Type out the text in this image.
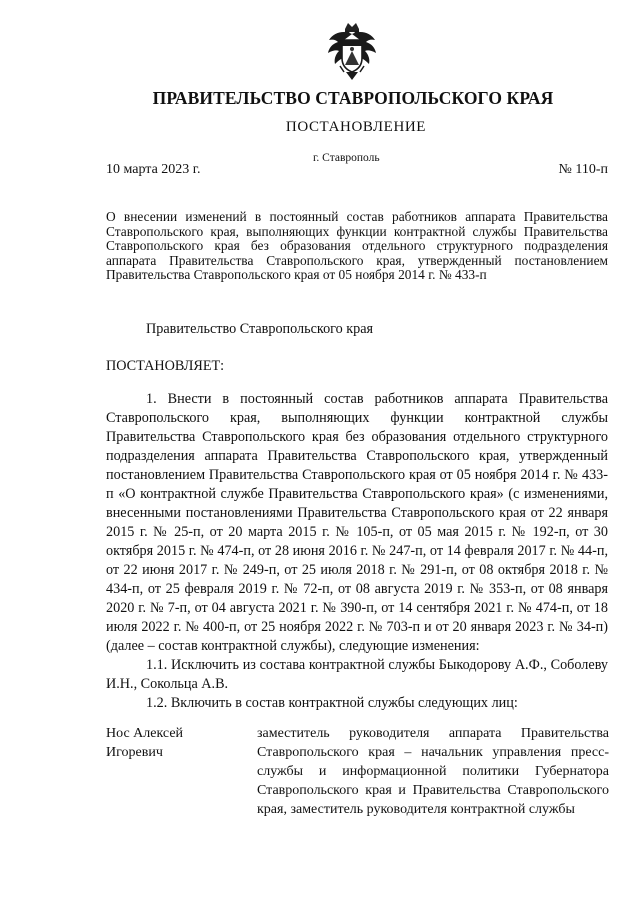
ПРАВИТЕЛЬСТВО СТАВРОПОЛЬСКОГО КРАЯ
ПОСТАНОВЛЕНИЕ
г. Ставрополь
10 марта 2023 г.	№ 110-п
О внесении изменений в постоянный состав работников аппарата Правительства Ставропольского края, выполняющих функции контрактной службы Правительства Ставропольского края без образования отдельного структурного подразделения аппарата Правительства Ставропольского края, утвержденный постановлением Правительства Ставропольского края от 05 ноября 2014 г. № 433-п
Правительство Ставропольского края
ПОСТАНОВЛЯЕТ:

1. Внести в постоянный состав работников аппарата Правительства Ставропольского края, выполняющих функции контрактной службы Правительства Ставропольского края без образования отдельного структурного подразделения аппарата Правительства Ставропольского края, утвержденный постановлением Правительства Ставропольского края от 05 ноября 2014 г. № 433-п «О контрактной службе Правительства Ставропольского края» (с изменениями, внесенными постановлениями Правительства Ставропольского края от 22 января 2015 г. № 25-п, от 20 марта 2015 г. № 105-п, от 05 мая 2015 г. № 192-п, от 30 октября 2015 г. № 474-п, от 28 июня 2016 г. № 247-п, от 14 февраля 2017 г. № 44-п, от 22 июня 2017 г. № 249-п, от 25 июля 2018 г. № 291-п, от 08 октября 2018 г. № 434-п, от 25 февраля 2019 г. № 72-п, от 08 августа 2019 г. № 353-п, от 08 января 2020 г. № 7-п, от 04 августа 2021 г. № 390-п, от 14 сентября 2021 г. № 474-п, от 18 июля 2022 г. № 400-п, от 25 ноября 2022 г. № 703-п и от 20 января 2023 г. № 34-п) (далее – состав контрактной службы), следующие изменения:

1.1. Исключить из состава контрактной службы Быкодорову А.Ф., Соболеву И.Н., Сокольца А.В.

1.2. Включить в состав контрактной службы следующих лиц:

Нос Алексей Игоревич
заместитель руководителя аппарата Правительства Ставропольского края – начальник управления пресс-службы и информационной политики Губернатора Ставропольского края и Правительства Ставропольского края, заместитель руководителя контрактной службы
